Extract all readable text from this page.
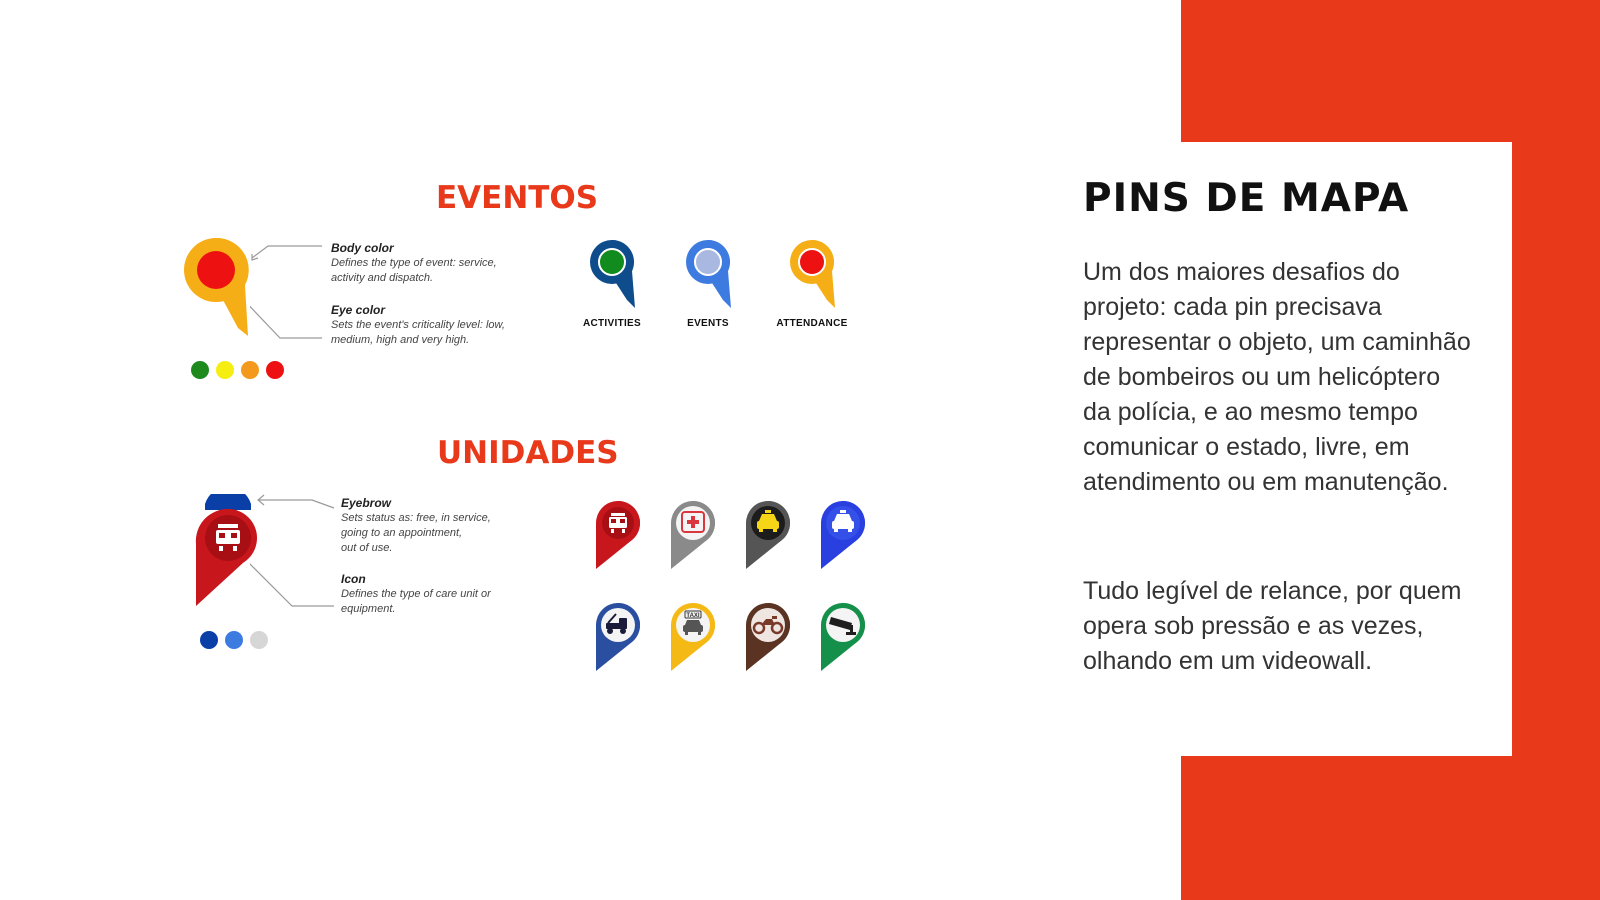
PINS DE MAPA

Um dos maiores desafios do projeto: cada pin precisava representar o objeto, um caminhão de bombeiros ou um helicóptero da polícia, e ao mesmo tempo comunicar o estado, livre, em atendimento ou em manutenção.

Tudo legível de relance, por quem opera sob pressão e as vezes, olhando em um videowall.

EVENTOS
Body color
Defines the type of event: service,
activity and dispatch.
Eye color
Sets the event's criticality level: low,
medium, high and very high.
ACTIVITIES	EVENTS	ATTENDANCE
UNIDADES
Eyebrow
Sets status as: free, in service,
going to an appointment,
out of use.
Icon
Defines the type of care unit or
equipment.
TAXI
